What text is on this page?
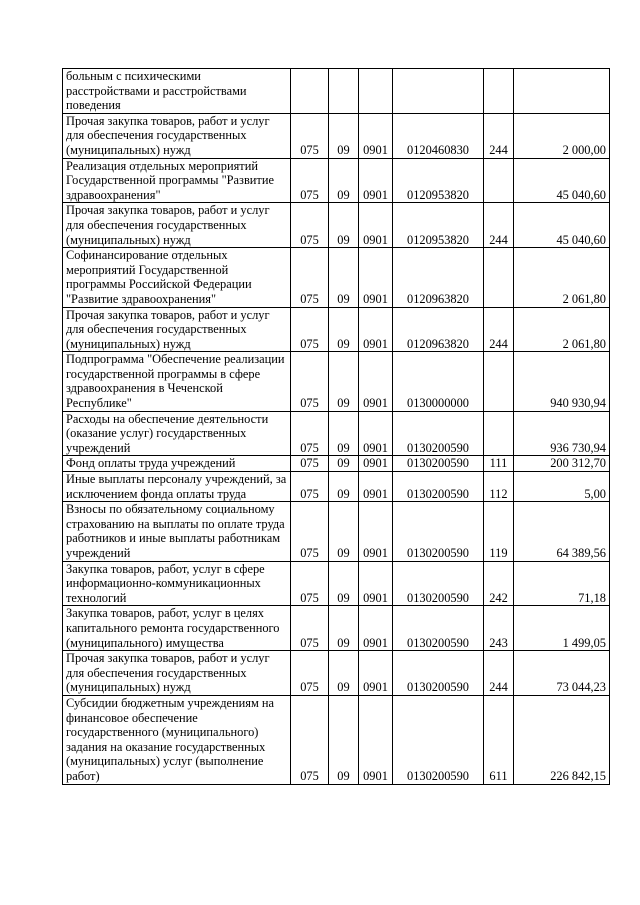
больным с психическими расстройствами и расстройствами поведения						
Прочая закупка товаров, работ и услуг для обеспечения государственных (муниципальных) нужд	075	09	0901	0120460830	244	2 000,00
Реализация отдельных мероприятий Государственной программы "Развитие здравоохранения"	075	09	0901	0120953820		45 040,60
Прочая закупка товаров, работ и услуг для обеспечения государственных (муниципальных) нужд	075	09	0901	0120953820	244	45 040,60
Софинансирование отдельных мероприятий Государственной программы Российской Федерации "Развитие здравоохранения"	075	09	0901	0120963820		2 061,80
Прочая закупка товаров, работ и услуг для обеспечения государственных (муниципальных) нужд	075	09	0901	0120963820	244	2 061,80
Подпрограмма "Обеспечение реализации государственной программы в сфере здравоохранения в Чеченской Республике"	075	09	0901	0130000000		940 930,94
Расходы на обеспечение деятельности (оказание услуг) государственных учреждений	075	09	0901	0130200590		936 730,94
Фонд оплаты труда учреждений	075	09	0901	0130200590	111	200 312,70
Иные выплаты персоналу учреждений, за исключением фонда оплаты труда	075	09	0901	0130200590	112	5,00
Взносы по обязательному социальному страхованию на выплаты по оплате труда работников и иные выплаты работникам учреждений	075	09	0901	0130200590	119	64 389,56
Закупка товаров, работ, услуг в сфере информационно-коммуникационных технологий	075	09	0901	0130200590	242	71,18
Закупка товаров, работ, услуг в целях капитального ремонта государственного (муниципального) имущества	075	09	0901	0130200590	243	1 499,05
Прочая закупка товаров, работ и услуг для обеспечения государственных (муниципальных) нужд	075	09	0901	0130200590	244	73 044,23
Субсидии бюджетным учреждениям на финансовое обеспечение государственного (муниципального) задания на оказание государственных (муниципальных) услуг (выполнение работ)	075	09	0901	0130200590	611	226 842,15
